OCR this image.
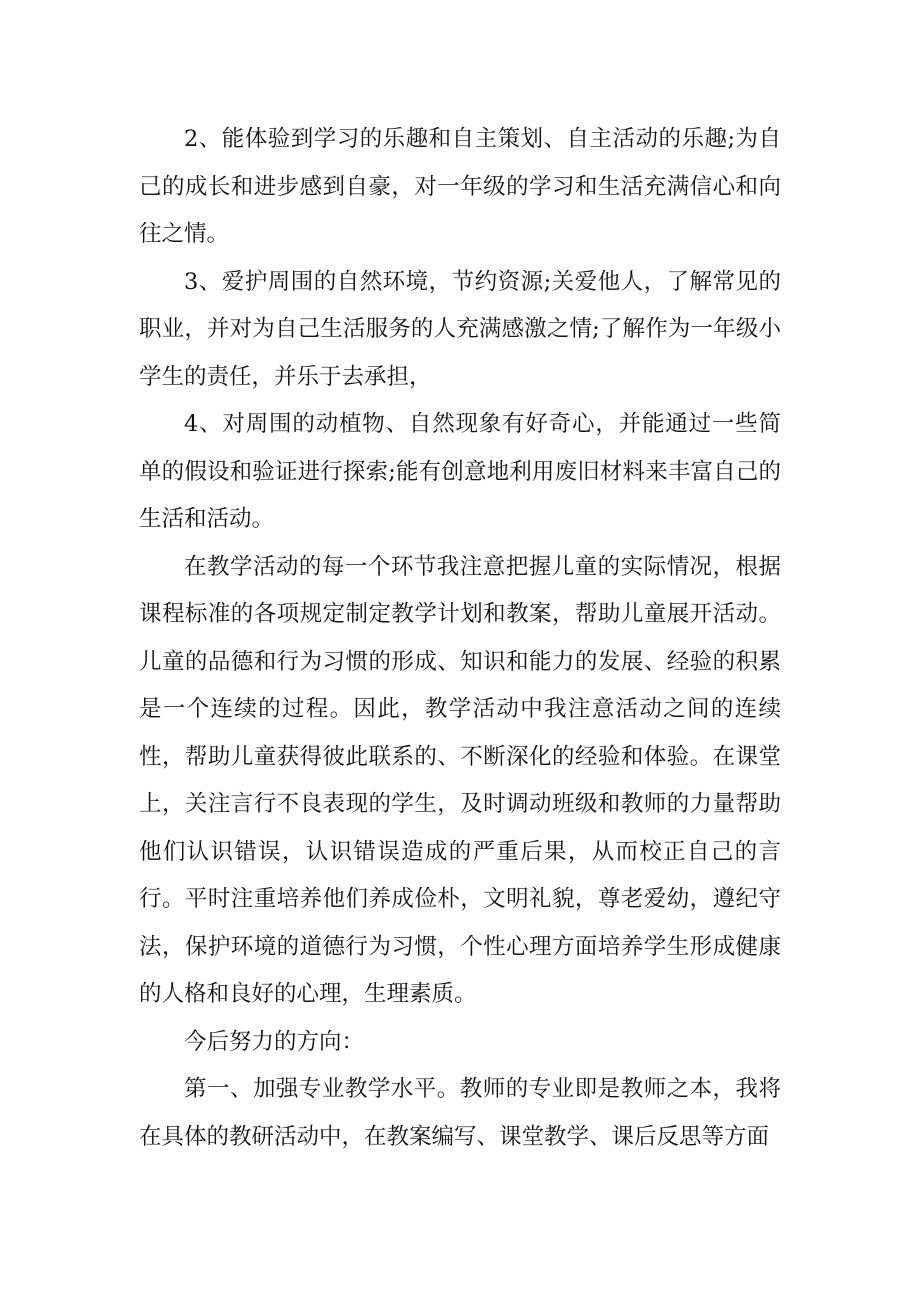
2、能体验到学习的乐趣和自主策划、自主活动的乐趣;为自己的成长和进步感到自豪，对一年级的学习和生活充满信心和向往之情。

3、爱护周围的自然环境，节约资源;关爱他人，了解常见的职业，并对为自己生活服务的人充满感激之情;了解作为一年级小学生的责任，并乐于去承担，

4、对周围的动植物、自然现象有好奇心，并能通过一些简单的假设和验证进行探索;能有创意地利用废旧材料来丰富自己的生活和活动。

在教学活动的每一个环节我注意把握儿童的实际情况，根据课程标准的各项规定制定教学计划和教案，帮助儿童展开活动。儿童的品德和行为习惯的形成、知识和能力的发展、经验的积累是一个连续的过程。因此，教学活动中我注意活动之间的连续性，帮助儿童获得彼此联系的、不断深化的经验和体验。在课堂上，关注言行不良表现的学生，及时调动班级和教师的力量帮助他们认识错误，认识错误造成的严重后果，从而校正自己的言行。平时注重培养他们养成俭朴，文明礼貌，尊老爱幼，遵纪守法，保护环境的道德行为习惯，个性心理方面培养学生形成健康的人格和良好的心理，生理素质。

今后努力的方向：

第一、加强专业教学水平。教师的专业即是教师之本，我将在具体的教研活动中，在教案编写、课堂教学、课后反思等方面
